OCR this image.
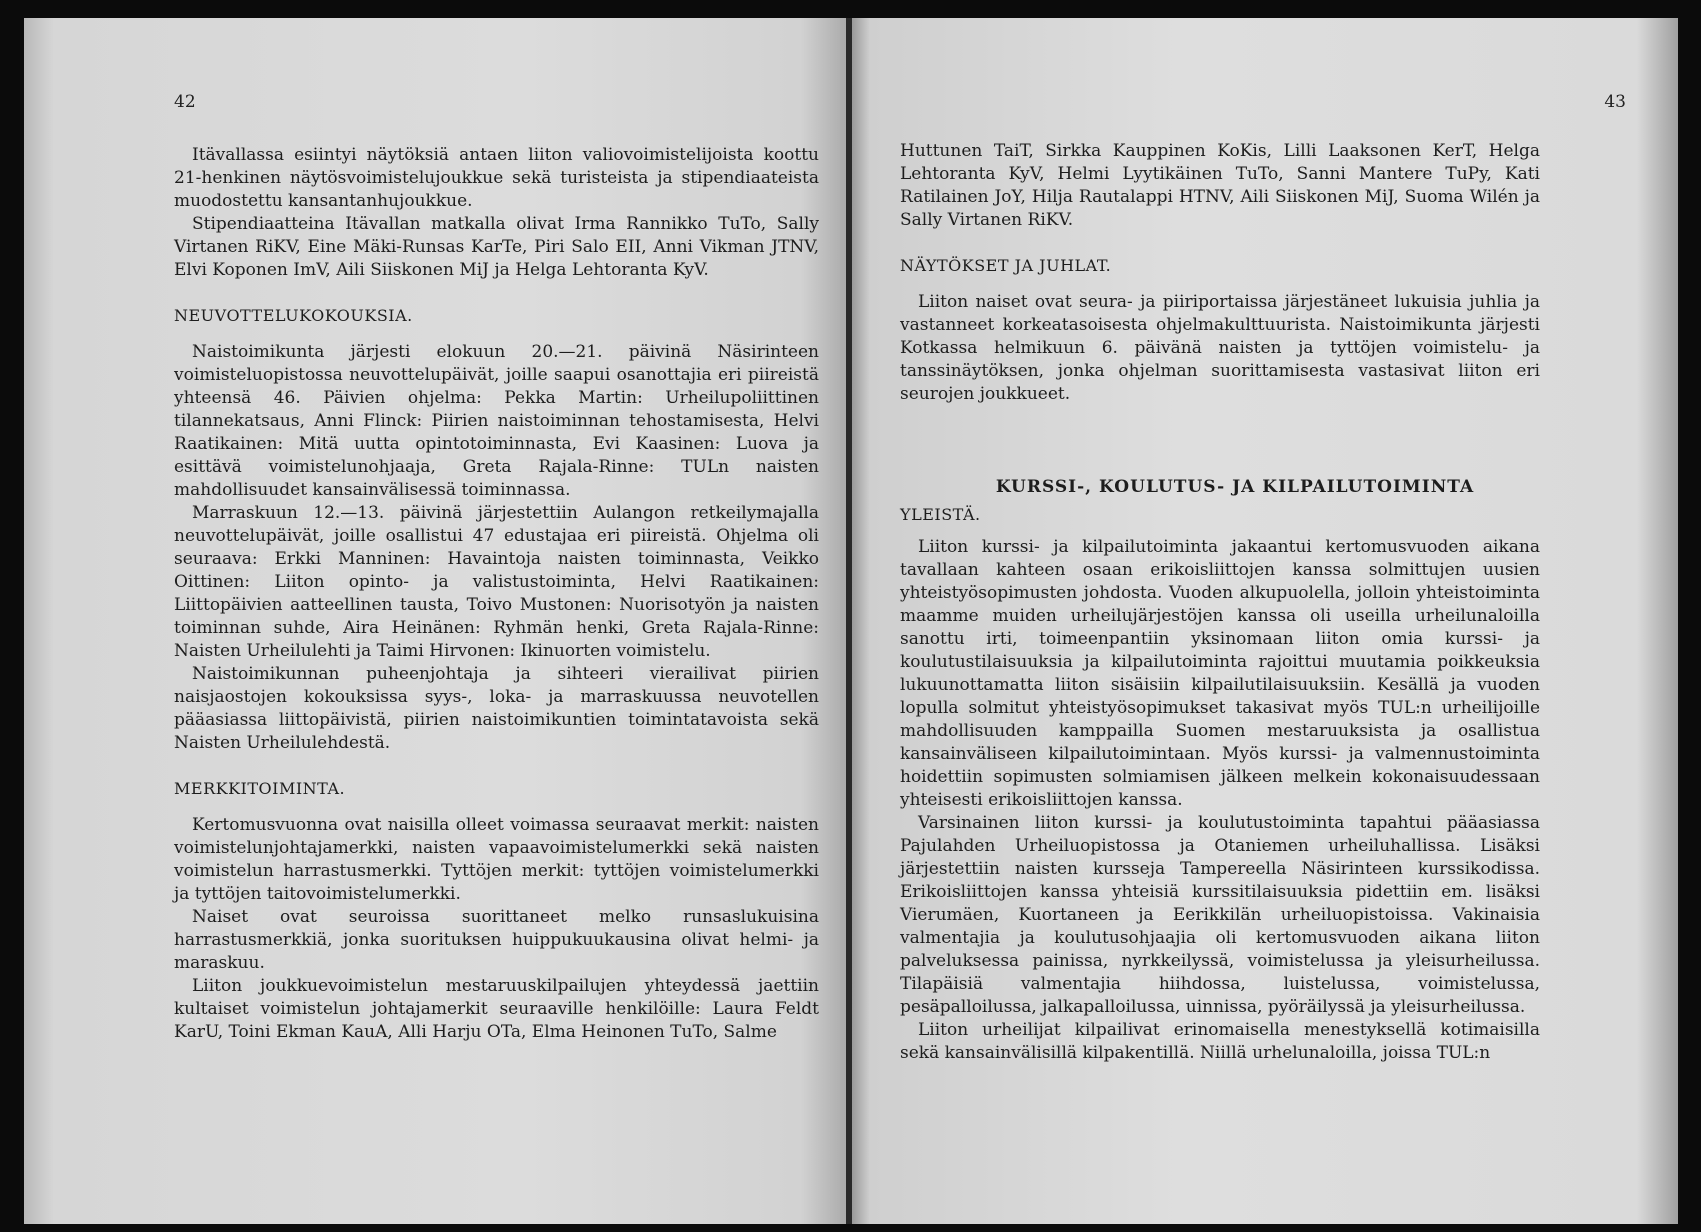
42
Itävallassa esiintyi näytöksiä antaen liiton valiovoimistelijoista koottu 21-henkinen näytösvoimistelujoukkue sekä turisteista ja stipendiaateista muodostettu kansantanhujoukkue.
Stipendiaatteina Itävallan matkalla olivat Irma Rannikko TuTo, Sally Virtanen RiKV, Eine Mäki-Runsas KarTe, Piri Salo EII, Anni Vikman JTNV, Elvi Koponen ImV, Aili Siiskonen MiJ ja Helga Lehtoranta KyV.
NEUVOTTELUKOKOUKSIA.
Naistoimikunta järjesti elokuun 20.—21. päivinä Näsirinteen voimisteluopistossa neuvottelupäivät, joille saapui osanottajia eri piireistä yhteensä 46. Päivien ohjelma: Pekka Martin: Urheilupoliittinen tilannekatsaus, Anni Flinck: Piirien naistoiminnan tehostamisesta, Helvi Raatikainen: Mitä uutta opintotoiminnasta, Evi Kaasinen: Luova ja esittävä voimistelunohjaaja, Greta Rajala-Rinne: TULn naisten mahdollisuudet kansainvälisessä toiminnassa.
Marraskuun 12.—13. päivinä järjestettiin Aulangon retkeilymajalla neuvottelupäivät, joille osallistui 47 edustajaa eri piireistä. Ohjelma oli seuraava: Erkki Manninen: Havaintoja naisten toiminnasta, Veikko Oittinen: Liiton opinto- ja valistustoiminta, Helvi Raatikainen: Liittopäivien aatteellinen tausta, Toivo Mustonen: Nuorisotyön ja naisten toiminnan suhde, Aira Heinänen: Ryhmän henki, Greta Rajala-Rinne: Naisten Urheilulehti ja Taimi Hirvonen: Ikinuorten voimistelu.
Naistoimikunnan puheenjohtaja ja sihteeri vierailivat piirien naisjaostojen kokouksissa syys-, loka- ja marraskuussa neuvotellen pääasiassa liittopäivistä, piirien naistoimikuntien toimintatavoista sekä Naisten Urheilulehdestä.
MERKKITOIMINTA.
Kertomusvuonna ovat naisilla olleet voimassa seuraavat merkit: naisten voimistelunjohtajamerkki, naisten vapaavoimistelumerkki sekä naisten voimistelun harrastusmerkki. Tyttöjen merkit: tyttöjen voimistelumerkki ja tyttöjen taitovoimistelumerkki.
Naiset ovat seuroissa suorittaneet melko runsaslukuisina harrastusmerkkiä, jonka suorituksen huippukuukausina olivat helmi- ja maraskuu.
Liiton joukkuevoimistelun mestaruuskilpailujen yhteydessä jaettiin kultaiset voimistelun johtajamerkit seuraaville henkilöille: Laura Feldt KarU, Toini Ekman KauA, Alli Harju OTa, Elma Heinonen TuTo, Salme
43
Huttunen TaiT, Sirkka Kauppinen KoKis, Lilli Laaksonen KerT, Helga Lehtoranta KyV, Helmi Lyytikäinen TuTo, Sanni Mantere TuPy, Kati Ratilainen JoY, Hilja Rautalappi HTNV, Aili Siiskonen MiJ, Suoma Wilén ja Sally Virtanen RiKV.
NÄYTÖKSET JA JUHLAT.
Liiton naiset ovat seura- ja piiriportaissa järjestäneet lukuisia juhlia ja vastanneet korkeatasoisesta ohjelmakulttuurista. Naistoimikunta järjesti Kotkassa helmikuun 6. päivänä naisten ja tyttöjen voimistelu- ja tanssinäytöksen, jonka ohjelman suorittamisesta vastasivat liiton eri seurojen joukkueet.
KURSSI-, KOULUTUS- JA KILPAILUTOIMINTA
YLEISTÄ.
Liiton kurssi- ja kilpailutoiminta jakaantui kertomusvuoden aikana tavallaan kahteen osaan erikoisliittojen kanssa solmittujen uusien yhteistyösopimusten johdosta. Vuoden alkupuolella, jolloin yhteistoiminta maamme muiden urheilujärjestöjen kanssa oli useilla urheilunaloilla sanottu irti, toimeenpantiin yksinomaan liiton omia kurssi- ja koulutustilaisuuksia ja kilpailutoiminta rajoittui muutamia poikkeuksia lukuunottamatta liiton sisäisiin kilpailutilaisuuksiin. Kesällä ja vuoden lopulla solmitut yhteistyösopimukset takasivat myös TUL:n urheilijoille mahdollisuuden kamppailla Suomen mestaruuksista ja osallistua kansainväliseen kilpailutoimintaan. Myös kurssi- ja valmennustoiminta hoidettiin sopimusten solmiamisen jälkeen melkein kokonaisuudessaan yhteisesti erikoisliittojen kanssa.
Varsinainen liiton kurssi- ja koulutustoiminta tapahtui pääasiassa Pajulahden Urheiluopistossa ja Otaniemen urheiluhallissa. Lisäksi järjestettiin naisten kursseja Tampereella Näsirinteen kurssikodissa. Erikoisliittojen kanssa yhteisiä kurssitilaisuuksia pidettiin em. lisäksi Vierumäen, Kuortaneen ja Eerikkilän urheiluopistoissa. Vakinaisia valmentajia ja koulutusohjaajia oli kertomusvuoden aikana liiton palveluksessa painissa, nyrkkeilyssä, voimistelussa ja yleisurheilussa. Tilapäisiä valmentajia hiihdossa, luistelussa, voimistelussa, pesäpalloilussa, jalkapalloilussa, uinnissa, pyöräilyssä ja yleisurheilussa.
Liiton urheilijat kilpailivat erinomaisella menestyksellä kotimaisilla sekä kansainvälisillä kilpakentillä. Niillä urhelunaloilla, joissa TUL:n
